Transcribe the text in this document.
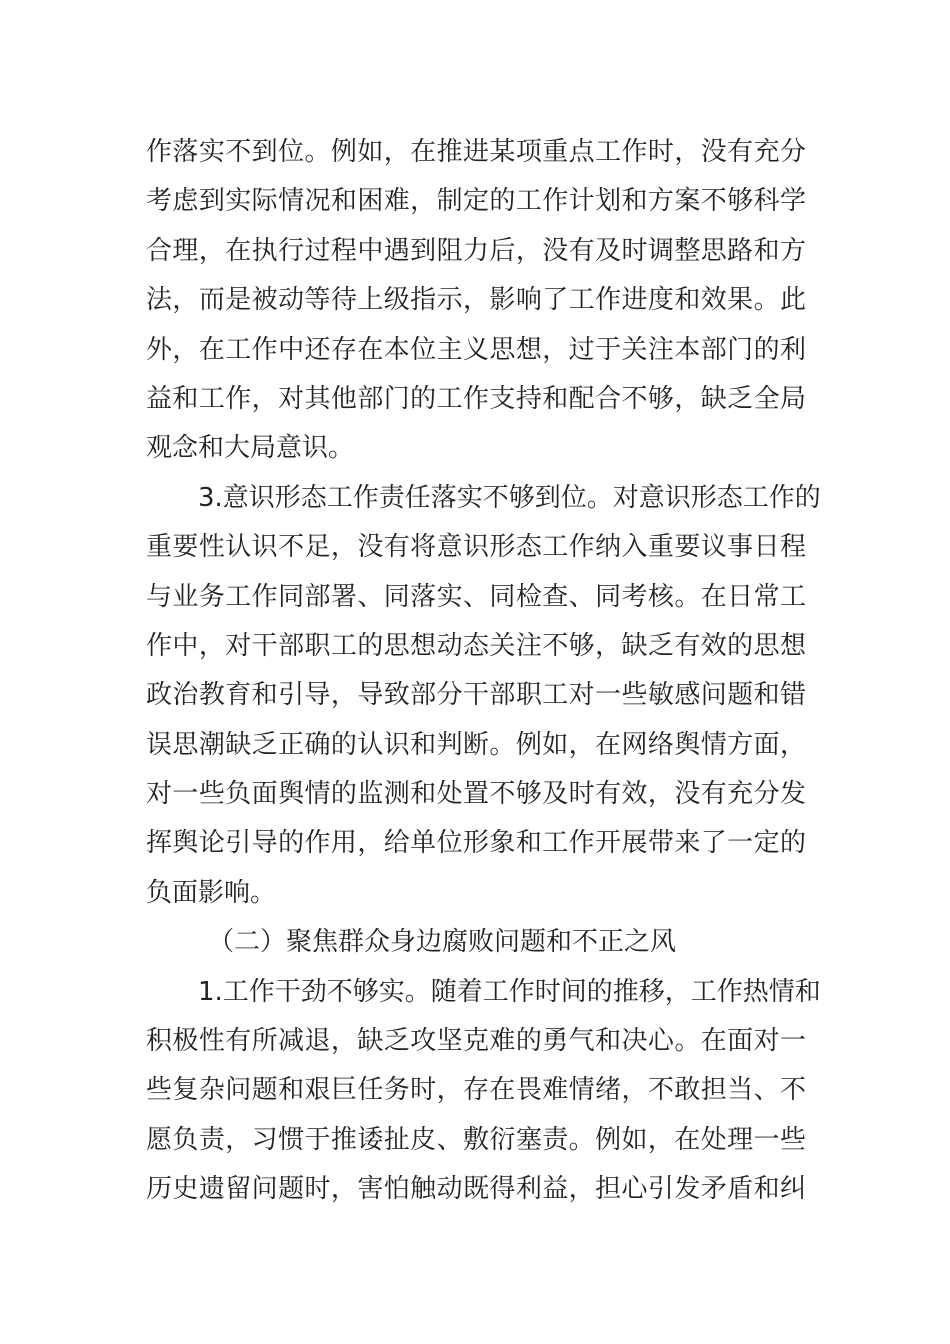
作落实不到位。例如，在推进某项重点工作时，没有充分
考虑到实际情况和困难，制定的工作计划和方案不够科学
合理，在执行过程中遇到阻力后，没有及时调整思路和方
法，而是被动等待上级指示，影响了工作进度和效果。此
外，在工作中还存在本位主义思想，过于关注本部门的利
益和工作，对其他部门的工作支持和配合不够，缺乏全局
观念和大局意识。
3.意识形态工作责任落实不够到位。对意识形态工作的
重要性认识不足，没有将意识形态工作纳入重要议事日程
与业务工作同部署、同落实、同检查、同考核。在日常工
作中，对干部职工的思想动态关注不够，缺乏有效的思想
政治教育和引导，导致部分干部职工对一些敏感问题和错
误思潮缺乏正确的认识和判断。例如，在网络舆情方面，
对一些负面舆情的监测和处置不够及时有效，没有充分发
挥舆论引导的作用，给单位形象和工作开展带来了一定的
负面影响。
（二）聚焦群众身边腐败问题和不正之风
1.工作干劲不够实。随着工作时间的推移，工作热情和
积极性有所减退，缺乏攻坚克难的勇气和决心。在面对一
些复杂问题和艰巨任务时，存在畏难情绪，不敢担当、不
愿负责，习惯于推诿扯皮、敷衍塞责。例如，在处理一些
历史遗留问题时，害怕触动既得利益，担心引发矛盾和纠
